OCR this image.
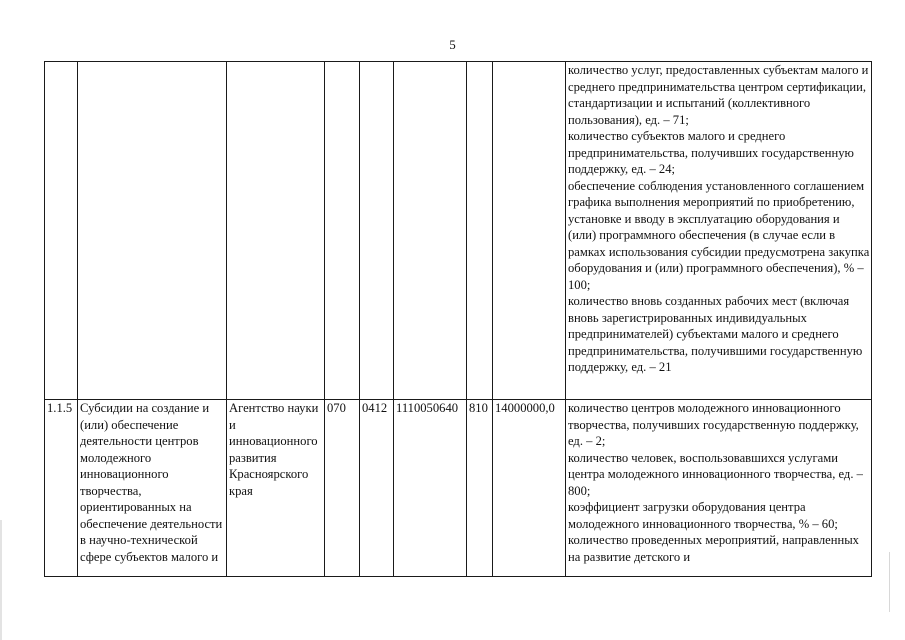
5
								количество услуг, предоставленных субъектам малого и среднего предпринимательства центром сертификации, стандартизации и испытаний (коллективного пользования), ед. – 71;
количество субъектов малого и среднего предпринимательства, получивших государственную поддержку, ед. – 24;
обеспечение соблюдения установленного соглашением графика выполнения мероприятий по приобретению, установке и вводу в эксплуатацию оборудования и (или) программного обеспечения (в случае если в рамках использования субсидии предусмотрена закупка оборудования и (или) программного обеспечения), % – 100;
количество вновь созданных рабочих мест (включая вновь зарегистрированных индивидуальных предпринимателей) субъектами малого и среднего предпринимательства, получившими государственную поддержку, ед. – 21
1.1.5	Субсидии на создание и (или) обеспечение деятельности центров молодежного инновационного творчества, ориентированных на обеспечение деятельности в научно-технической сфере субъектов малого и	Агентство науки и инновационного развития Красноярского края	070	0412	1110050640	810	14000000,0	количество центров молодежного инновационного творчества, получивших государственную поддержку, ед. – 2;
количество человек, воспользовавшихся услугами центра молодежного инновационного творчества, ед. – 800;
коэффициент загрузки оборудования центра молодежного инновационного творчества, % – 60;
количество проведенных мероприятий, направленных на развитие детского и
